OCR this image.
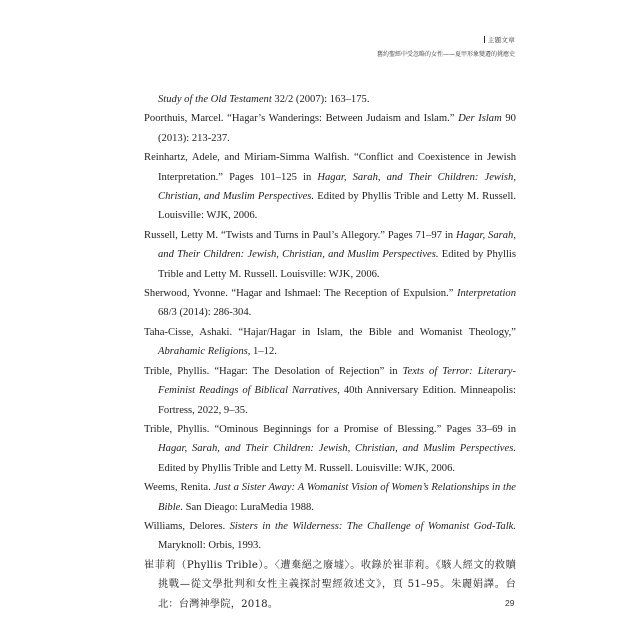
主題文章
舊約聖經中受忽略的女性——夏甲形象變遷的挑應史
Study of the Old Testament 32/2 (2007): 163–175.
Poorthuis, Marcel. “Hagar’s Wanderings: Between Judaism and Islam.” Der Islam 90 (2013): 213-237.
Reinhartz, Adele, and Miriam-Simma Walfish. “Conflict and Coexistence in Jewish Interpretation.” Pages 101–125 in Hagar, Sarah, and Their Children: Jewish, Christian, and Muslim Perspectives. Edited by Phyllis Trible and Letty M. Russell. Louisville: WJK, 2006.
Russell, Letty M. “Twists and Turns in Paul’s Allegory.” Pages 71–97 in Hagar, Sarah, and Their Children: Jewish, Christian, and Muslim Perspectives. Edited by Phyllis Trible and Letty M. Russell. Louisville: WJK, 2006.
Sherwood, Yvonne. “Hagar and Ishmael: The Reception of Expulsion.” Interpretation 68/3 (2014): 286-304.
Taha-Cisse, Ashaki. “Hajar/Hagar in Islam, the Bible and Womanist Theology,” Abrahamic Religions, 1–12.
Trible, Phyllis. “Hagar: The Desolation of Rejection” in Texts of Terror: Literary-Feminist Readings of Biblical Narratives, 40th Anniversary Edition. Minneapolis: Fortress, 2022, 9–35.
Trible, Phyllis. “Ominous Beginnings for a Promise of Blessing.” Pages 33–69 in Hagar, Sarah, and Their Children: Jewish, Christian, and Muslim Perspectives. Edited by Phyllis Trible and Letty M. Russell. Louisville: WJK, 2006.
Weems, Renita. Just a Sister Away: A Womanist Vision of Women’s Relationships in the Bible. San Dieago: LuraMedia 1988.
Williams, Delores. Sisters in the Wilderness: The Challenge of Womanist God-Talk. Maryknoll: Orbis, 1993.
崔菲莉（Phyllis Trible）。〈遭棄絕之廢墟〉。收錄於崔菲莉。《駭人經文的救贖挑戰—從文學批判和女性主義探討聖經敘述文》，頁 51–95。朱麗娟譯。台北：台灣神學院，2018。	29
